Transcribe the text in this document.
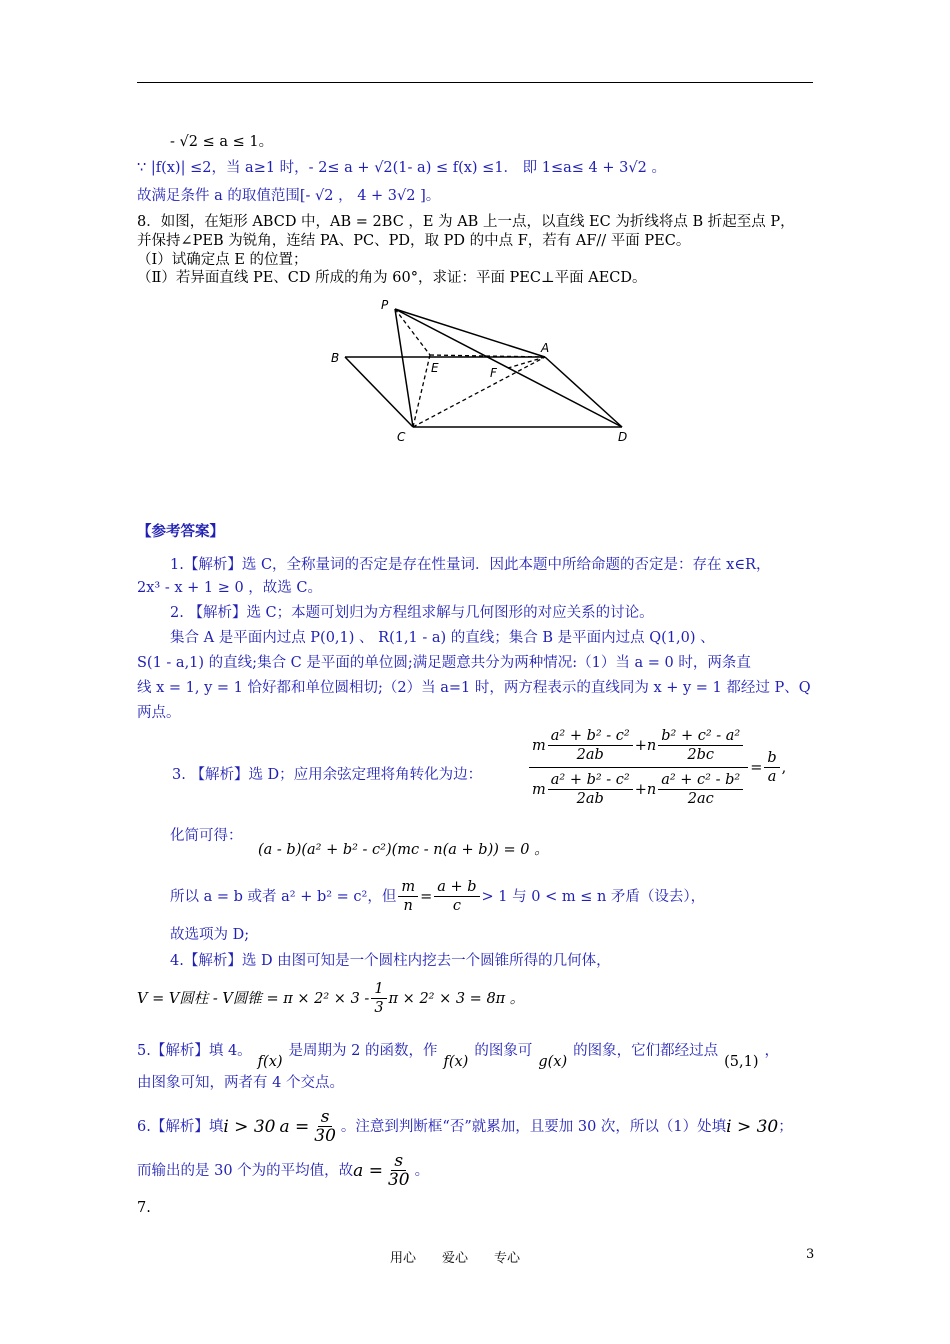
- √2 ≤ a ≤ 1。
∵ |f(x)| ≤2，当 a≥1 时，- 2≤ a + √2(1- a) ≤ f(x) ≤1． 即 1≤a≤ 4 + 3√2 。
故满足条件 a 的取值范围[- √2 ， 4 + 3√2 ]。
8．如图，在矩形 ABCD 中，AB = 2BC ，E 为 AB 上一点，以直线 EC 为折线将点 B 折起至点 P，
并保持∠PEB 为锐角，连结 PA、PC、PD，取 PD 的中点 F，若有 AF// 平面 PEC。
（Ⅰ）试确定点 E 的位置；
（Ⅱ）若异面直线 PE、CD 所成的角为 60°，求证：平面 PEC⊥平面 AECD。
P
B
E	F
A
C	D
【参考答案】
1.【解析】选 C，全称量词的否定是存在性量词．因此本题中所给命题的否定是：存在 x∈R，
2x³ - x + 1 ≥ 0 ，故选 C。
2. 【解析】选 C；本题可划归为方程组求解与几何图形的对应关系的讨论。
集合 A 是平面内过点 P(0,1) 、 R(1,1 - a) 的直线；集合 B 是平面内过点 Q(1,0) 、
S(1 - a,1) 的直线;集合 C 是平面的单位圆;满足题意共分为两种情况:（1）当 a = 0 时，两条直
线 x = 1, y = 1 恰好都和单位圆相切;（2）当 a=1 时，两方程表示的直线同为 x + y = 1 都经过 P、Q
两点。
3. 【解析】选 D；应用余弦定理将角转化为边：	$\frac{m \frac{\text{a² + b² - c²}}{2ab} + n \frac{\text{b² + c² - a²}}{2bc}}{m \frac{\text{a² + b² - c²}}{2ab} + n \frac{\text{a² + c² - b²}}{2ac}} = \frac{b}{a}$ ,
化简可得：
(a - b)(a² + b² - c²)(mc - n(a + b)) = 0 。
所以 a = b 或者 a² + b² = c²，但 $\frac{m}{n} = \frac{a + b}{c} > 1$ 与 0 < m ≤ n 矛盾（设去），
故选项为 D;
4.【解析】选 D 由图可知是一个圆柱内挖去一个圆锥所得的几何体，
V = V圆柱 - V圆锥 = $\pi \times 2^2 \times 3 - \frac{1}{3}$ π × 2² × 3 = 8π 。
5.【解析】填 4。
f(x)
是周期为 2 的函数，作
f(x)
的图象可
g(x)
的图象，它们都经过点
(5,1)
，
由图象可知，两者有 4 个交点。
6.【解析】填 i > 30 $a = \frac{s}{30}$ 。注意到判断框“否”就累加，且要加 30 次，所以（1）处填 i > 30 ；
而输出的是 30 个为的平均值，故 $a = \frac{s}{30}$ 。
7.
用心　　爱心　　专心	3
